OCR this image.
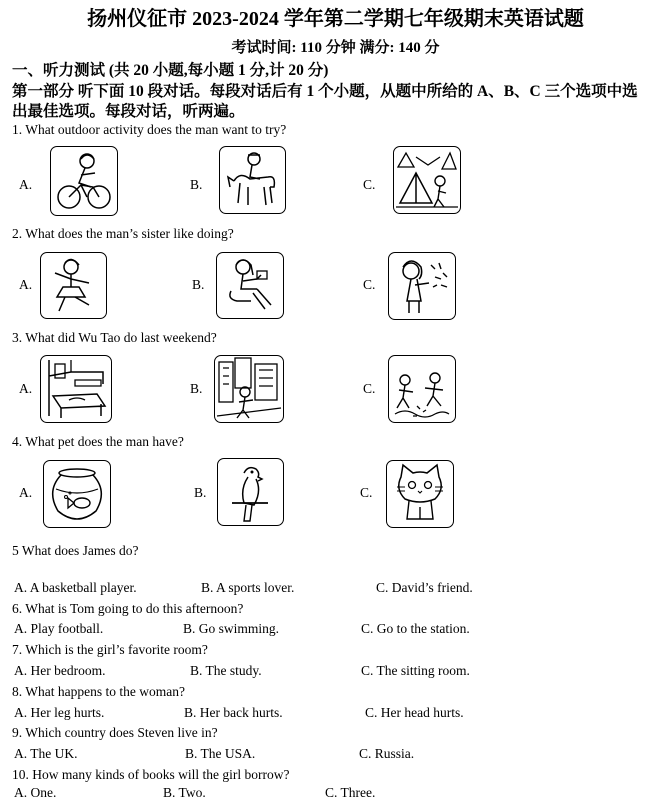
扬州仪征市 2023-2024 学年第二学期七年级期末英语试题
考试时间: 110 分钟 满分: 140 分
一、听力测试 (共 20 小题,每小题 1 分,计 20 分)
第一部分 听下面 10 段对话。每段对话后有 1 个小题，从题中所给的 A、B、C 三个选项中选
出最佳选项。每段对话，听两遍。
1. What outdoor activity does the man want to try?
A.	B.	C.
2. What does the man’s sister like doing?
A.	B.	C.
3. What did Wu Tao do last weekend?
A.	B.	C.
4. What pet does the man have?
A.	B.	C.
5 What does James do?
A. A basketball player.	B. A sports lover.	C. David’s friend.
6. What is Tom going to do this afternoon?
A. Play football.	B. Go swimming.	C. Go to the station.
7. Which is the girl’s favorite room?
A. Her bedroom.	B. The study.	C. The sitting room.
8. What happens to the woman?
A. Her leg hurts.	B. Her back hurts.	C. Her head hurts.
9. Which country does Steven live in?
A. The UK.	B. The USA.	C. Russia.
10. How many kinds of books will the girl borrow?
A. One.	B. Two.	C. Three.
